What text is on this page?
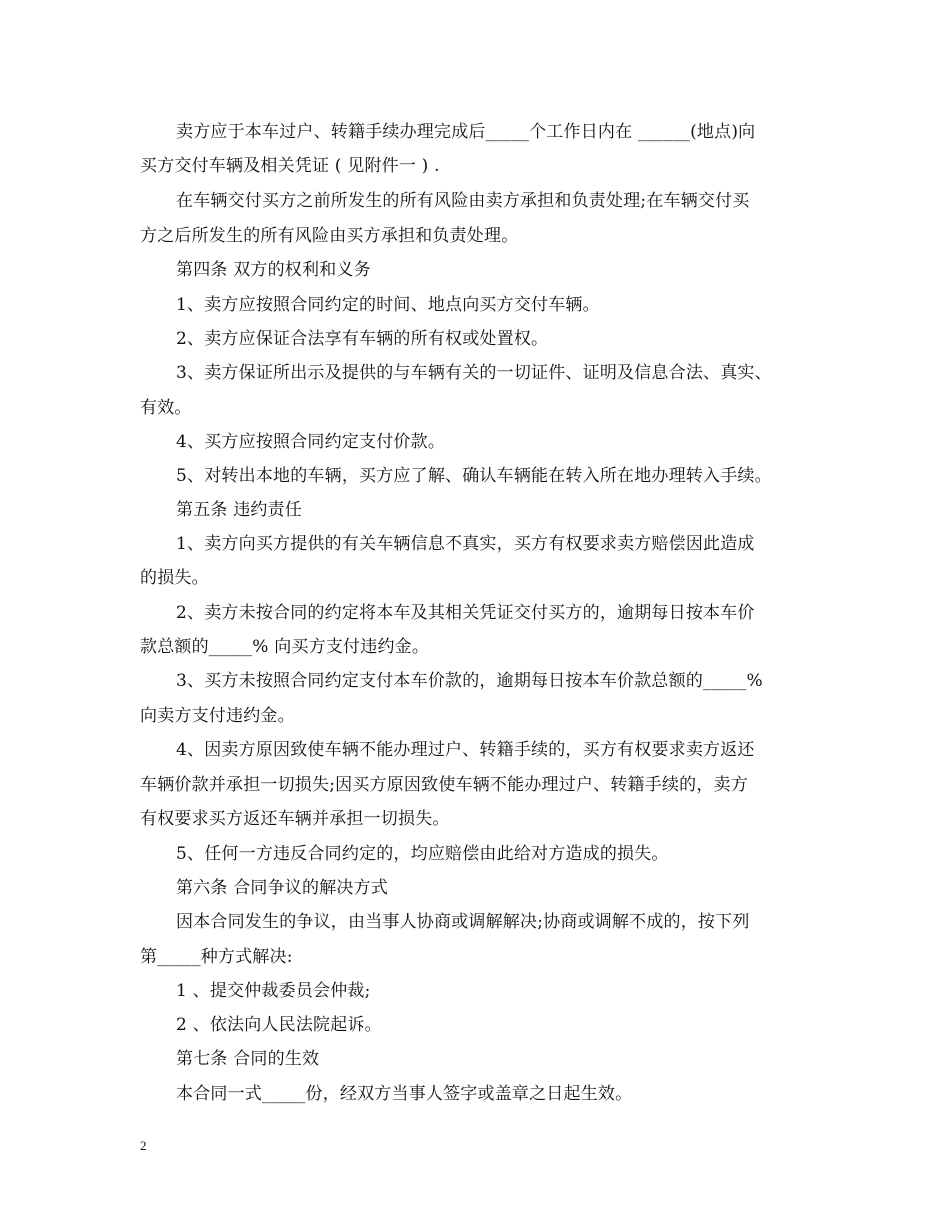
卖方应于本车过户、转籍手续办理完成后_____个工作日内在 ______(地点)向
买方交付车辆及相关凭证 ( 见附件一 ) .
在车辆交付买方之前所发生的所有风险由卖方承担和负责处理;在车辆交付买
方之后所发生的所有风险由买方承担和负责处理。
第四条 双方的权利和义务
1、卖方应按照合同约定的时间、地点向买方交付车辆。
2、卖方应保证合法享有车辆的所有权或处置权。
3、卖方保证所出示及提供的与车辆有关的一切证件、证明及信息合法、真实、
有效。
4、买方应按照合同约定支付价款。
5、对转出本地的车辆，买方应了解、确认车辆能在转入所在地办理转入手续。
第五条 违约责任
1、卖方向买方提供的有关车辆信息不真实，买方有权要求卖方赔偿因此造成
的损失。
2、卖方未按合同的约定将本车及其相关凭证交付买方的，逾期每日按本车价
款总额的_____% 向买方支付违约金。
3、买方未按照合同约定支付本车价款的，逾期每日按本车价款总额的_____%
向卖方支付违约金。
4、因卖方原因致使车辆不能办理过户、转籍手续的，买方有权要求卖方返还
车辆价款并承担一切损失;因买方原因致使车辆不能办理过户、转籍手续的，卖方
有权要求买方返还车辆并承担一切损失。
5、任何一方违反合同约定的，均应赔偿由此给对方造成的损失。
第六条 合同争议的解决方式
因本合同发生的争议，由当事人协商或调解解决;协商或调解不成的，按下列
第_____种方式解决:
1 、提交仲裁委员会仲裁;
2 、依法向人民法院起诉。
第七条 合同的生效
本合同一式_____份，经双方当事人签字或盖章之日起生效。
2
